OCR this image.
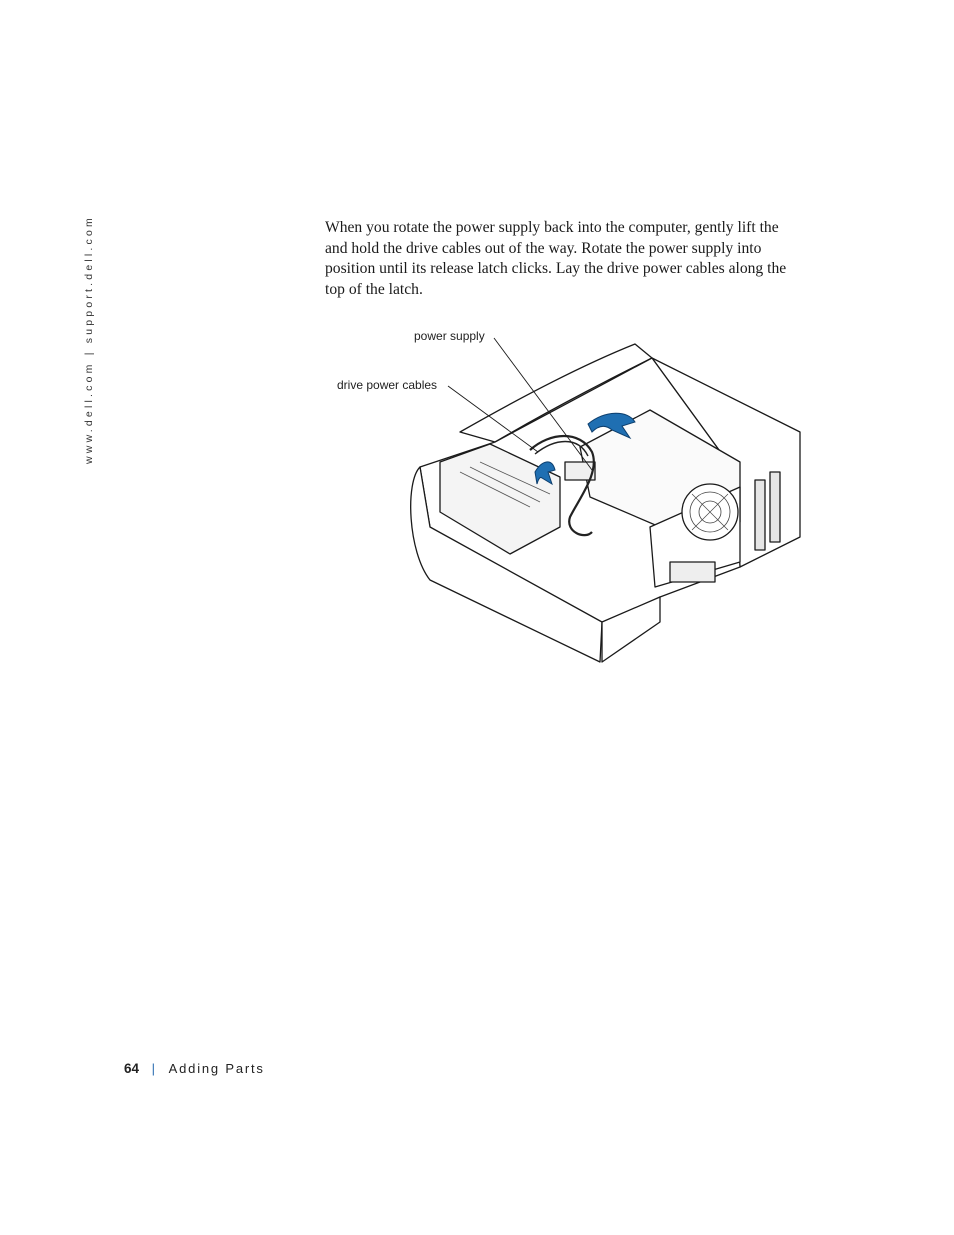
www.dell.com | support.dell.com	When you rotate the power supply back into the computer, gently lift the and hold the drive cables out of the way. Rotate the power supply into position until its release latch clicks. Lay the drive power cables along the top of the latch.

power supply
drive power cables
64 | Adding Parts
